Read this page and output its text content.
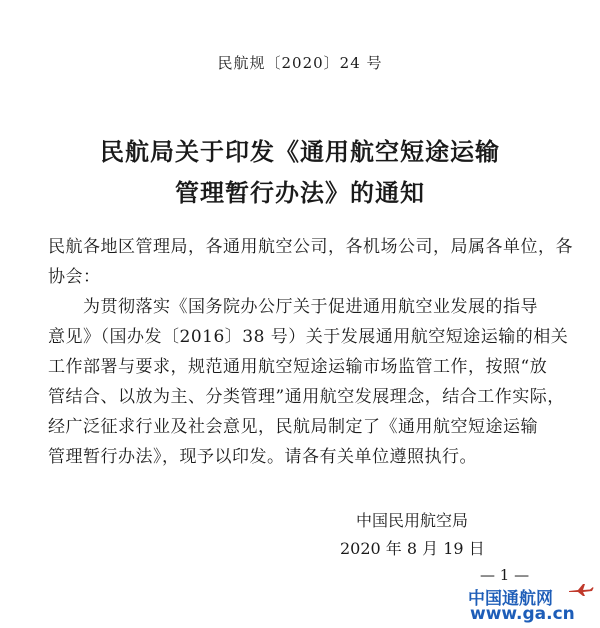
民航规〔2020〕24 号
民航局关于印发《通用航空短途运输
管理暂行办法》的通知
民航各地区管理局，各通用航空公司，各机场公司，局属各单位，各
协会：
　　为贯彻落实《国务院办公厅关于促进通用航空业发展的指导
意见》（国办发〔2016〕38 号）关于发展通用航空短途运输的相关
工作部署与要求，规范通用航空短途运输市场监管工作，按照“放
管结合、以放为主、分类管理”通用航空发展理念，结合工作实际，
经广泛征求行业及社会意见，民航局制定了《通用航空短途运输
管理暂行办法》，现予以印发。请各有关单位遵照执行。
中国民用航空局
2020 年 8 月 19 日
— 1 —
中国通航网
www.ga.cn
